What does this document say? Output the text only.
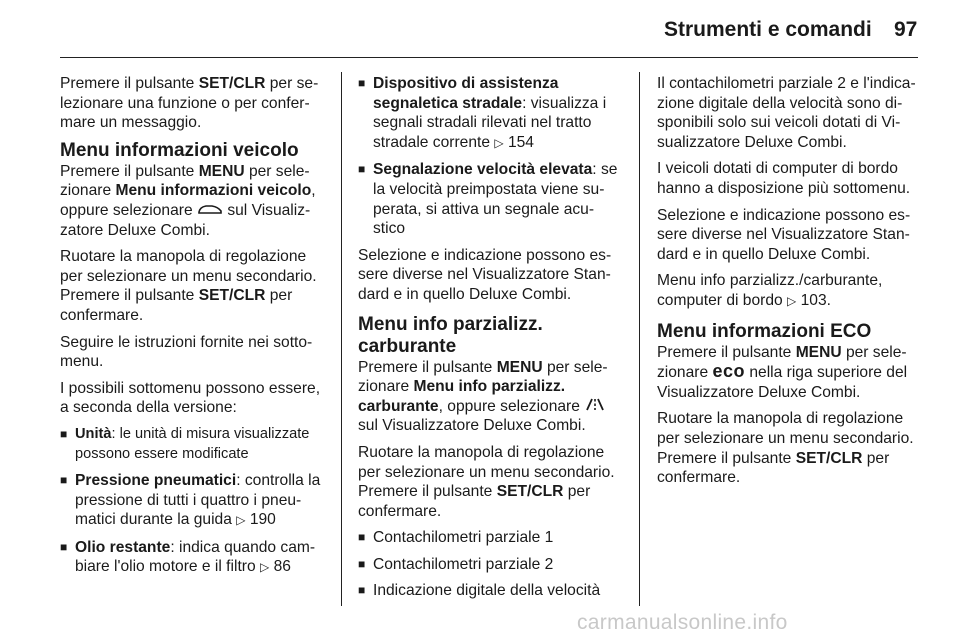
Strumenti e comandi 97

Premere il pulsante SET/CLR per se-lezionare una funzione o per confer-mare un messaggio.

Menu informazioni veicolo

Premere il pulsante MENU per sele-zionare Menu informazioni veicolo, oppure selezionare  sul Visualiz-zatore Deluxe Combi.

Ruotare la manopola di regolazione per selezionare un menu secondario. Premere il pulsante SET/CLR per confermare.

Seguire le istruzioni fornite nei sotto-menu.

I possibili sottomenu possono essere, a seconda della versione:

■ Unità: le unità di misura visualizzate possono essere modificate
■ Pressione pneumatici: controlla la pressione di tutti i quattro i pneu-matici durante la guida ▷ 190
■ Olio restante: indica quando cam-biare l'olio motore e il filtro ▷ 86
■ Dispositivo di assistenza segnaletica stradale: visualizza i segnali stradali rilevati nel tratto stradale corrente ▷ 154
■ Segnalazione velocità elevata: se la velocità preimpostata viene su-perata, si attiva un segnale acu-stico

Selezione e indicazione possono es-sere diverse nel Visualizzatore Stan-dard e in quello Deluxe Combi.

Menu info parzializz. carburante

Premere il pulsante MENU per sele-zionare Menu info parzializz. carburante, oppure selezionare  sul Visualizzatore Deluxe Combi.

Ruotare la manopola di regolazione per selezionare un menu secondario. Premere il pulsante SET/CLR per confermare.

■ Contachilometri parziale 1
■ Contachilometri parziale 2
■ Indicazione digitale della velocità

Il contachilometri parziale 2 e l'indica-zione digitale della velocità sono di-sponibili solo sui veicoli dotati di Vi-sualizzatore Deluxe Combi.

I veicoli dotati di computer di bordo hanno a disposizione più sottomenu.

Selezione e indicazione possono es-sere diverse nel Visualizzatore Stan-dard e in quello Deluxe Combi.

Menu info parzializz./carburante, computer di bordo ▷ 103.

Menu informazioni ECO

Premere il pulsante MENU per sele-zionare eco nella riga superiore del Visualizzatore Deluxe Combi.

Ruotare la manopola di regolazione per selezionare un menu secondario. Premere il pulsante SET/CLR per confermare.

carmanualsonline.info
